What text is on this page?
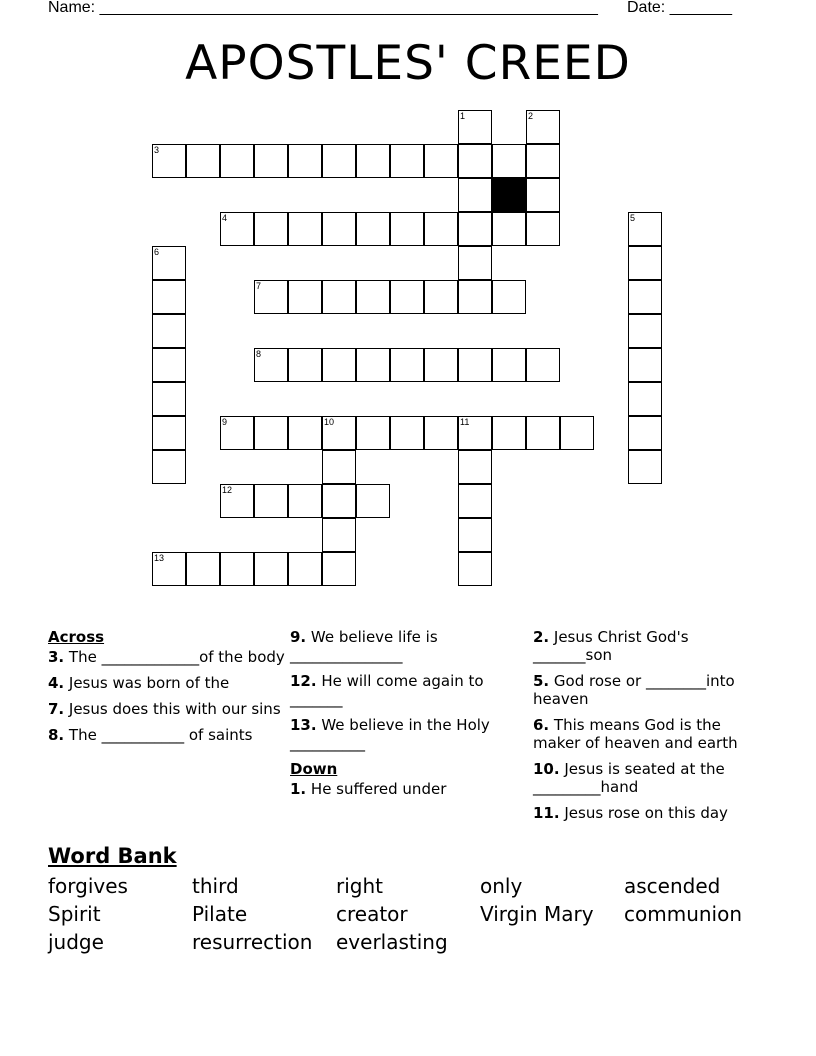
Name: ________________________________________________________ Date: _______
APOSTLES' CREED
1	2
3
4	5
6
7
8
9	10	11
12
13
Across
3. The _____________of the body
4. Jesus was born of the
7. Jesus does this with our sins
8. The ___________ of saints
9. We believe life is _______________
12. He will come again to _______
13. We believe in the Holy __________
Down
1. He suffered under
2. Jesus Christ God's _______son
5. God rose or ________into heaven
6. This means God is the maker of heaven and earth
10. Jesus is seated at the _________hand
11. Jesus rose on this day
Word Bank
forgives	third	right	only	ascended
Spirit	Pilate	creator	Virgin Mary	communion
judge	resurrection	everlasting
